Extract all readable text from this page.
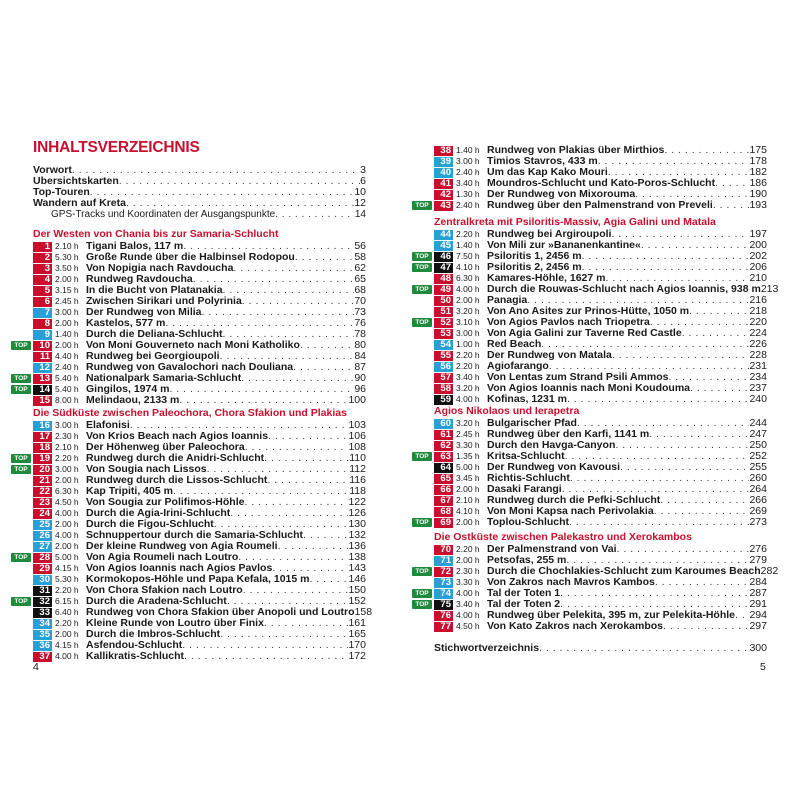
INHALTSVERZEICHNIS
Vorwort . . .	3
Übersichtskarten . . .	6
Top-Touren . . .	10
Wandern auf Kreta . . .	12
GPS-Tracks und Koordinaten der Ausgangspunkte . . .	14
Der Westen von Chania bis zur Samaria-Schlucht
1 2.10 h Tigani Balos, 117 m . . .	56
2 5.30 h Große Runde über die Halbinsel Rodopou . . .	58
3 3.50 h Von Nopigia nach Ravdoucha . . .	62
4 2.00 h Rundweg Ravdoucha . . .	65
5 3.15 h In die Bucht von Platanakia . . .	68
6 2.45 h Zwischen Sirikari und Polyrinia . . .	70
7 3.00 h Der Rundweg von Milia . . .	73
8 2.00 h Kastelos, 577 m . . .	76
9 1.40 h Durch die Deliana-Schlucht . . .	78
TOP	10 2.00 h Von Moni Gouverneto nach Moni Katholiko . . .	80
11 4.40 h Rundweg bei Georgioupoli . . .	84
12 2.40 h Rundweg von Gavalochori nach Douliana . . .	87
TOP	13 5.40 h Nationalpark Samaria-Schlucht . . .	90
TOP	14 5.40 h Gingilos, 1974 m . . .	96
15 8.00 h Melindaou, 2133 m . . .	100
Die Südküste zwischen Paleochora, Chora Sfakion und Plakias
16 3.00 h Elafonisi . . .	103
17 2.30 h Von Krios Beach nach Agios Ioannis . . .	106
18 2.10 h Der Höhenweg über Paleochora . . .	108
TOP	19 2.20 h Rundweg durch die Anidri-Schlucht . . .	110
TOP	20 3.00 h Von Sougia nach Lissos . . .	112
21 2.00 h Rundweg durch die Lissos-Schlucht . . .	116
22 6.30 h Kap Tripiti, 405 m . . .	118
23 4.50 h Von Sougia zur Polifimos-Höhle . . .	122
24 4.00 h Durch die Agia-Irini-Schlucht . . .	126
25 2.00 h Durch die Figou-Schlucht . . .	130
26 4.00 h Schnuppertour durch die Samaria-Schlucht . . .	132
27 2.00 h Der kleine Rundweg von Agia Roumeli . . .	136
TOP	28 5.00 h Von Agia Roumeli nach Loutro . . .	138
29 4.15 h Von Agios Ioannis nach Agios Pavlos . . .	143
30 5.30 h Kormokopos-Höhle und Papa Kefala, 1015 m . . .	146
31 2.20 h Von Chora Sfakion nach Loutro . . .	150
TOP	32 6.15 h Durch die Aradena-Schlucht . . .	152
33 6.40 h Rundweg von Chora Sfakion über Anopoli und Loutro 158
34 2.20 h Kleine Runde von Loutro über Finix . . .	161
35 2.00 h Durch die Imbros-Schlucht . . .	165
36 4.15 h Asfendou-Schlucht . . .	170
37 4.00 h Kallikratis-Schlucht . . .	172
38 1.40 h Rundweg von Plakias über Mirthios . . .	175
39 3.00 h Timios Stavros, 433 m . . .	178
40 2.40 h Um das Kap Kako Mouri . . .	182
41 3.40 h Moundros-Schlucht und Kato-Poros-Schlucht . . .	186
42 1.30 h Der Rundweg von Mixorouma . . .	190
TOP	43 2.40 h Rundweg über den Palmenstrand von Preveli . . .	193
Zentralkreta mit Psiloritis-Massiv, Agia Galini und Matala
44 2.20 h Rundweg bei Argiroupoli . . .	197
45 1.40 h Von Mili zur »Bananenkantine« . . .	200
TOP	46 7.50 h Psiloritis 1, 2456 m . . .	202
TOP	47 4.10 h Psiloritis 2, 2456 m . . .	206
48 6.30 h Kamares-Höhle, 1627 m . . .	210
TOP	49 4.00 h Durch die Rouwas-Schlucht nach Agios Ioannis, 938 m 213
50 2.00 h Panagia . . .	216
51 3.20 h Von Ano Asites zur Prinos-Hütte, 1050 m . . .	218
TOP	52 3.10 h Von Agios Pavlos nach Triopetra . . .	220
53 3.00 h Von Agia Galini zur Taverne Red Castle . . .	224
54 1.00 h Red Beach . . .	226
55 2.20 h Der Rundweg von Matala . . .	228
56 2.20 h Agiofarango . . .	231
57 3.40 h Von Lentas zum Strand Psili Ammos . . .	234
58 3.20 h Von Agios Ioannis nach Moni Koudouma . . .	237
59 4.00 h Kofinas, 1231 m . . .	240
Agios Nikolaos und Ierapetra
60 3.20 h Bulgarischer Pfad . . .	244
61 2.45 h Rundweg über den Karfi, 1141 m . . .	247
62 3.30 h Durch den Havga-Canyon . . .	250
TOP	63 1.35 h Kritsa-Schlucht . . .	252
64 5.00 h Der Rundweg von Kavousi . . .	255
65 3.45 h Richtis-Schlucht . . .	260
66 2.00 h Dasaki Farangi . . .	264
67 2.10 h Rundweg durch die Pefki-Schlucht . . .	266
68 4.10 h Von Moni Kapsa nach Perivolakia . . .	269
TOP	69 2.00 h Toplou-Schlucht . . .	273
Die Ostküste zwischen Palekastro und Xerokambos
70 2.20 h Der Palmenstrand von Vai . . .	276
71 2.00 h Petsofas, 255 m . . .	279
TOP	72 2.30 h Durch die Chochlakies-Schlucht zum Karoumes Beach 282
73 3.30 h Von Zakros nach Mavros Kambos . . .	284
TOP	74 4.00 h Tal der Toten 1 . . .	287
TOP	75 3.40 h Tal der Toten 2 . . .	291
76 4.00 h Rundweg über Pelekita, 395 m, zur Pelekita-Höhle . . . 294
77 4.50 h Von Kato Zakros nach Xerokambos . . .	297
Stichwortverzeichnis . . .	300
4	5
